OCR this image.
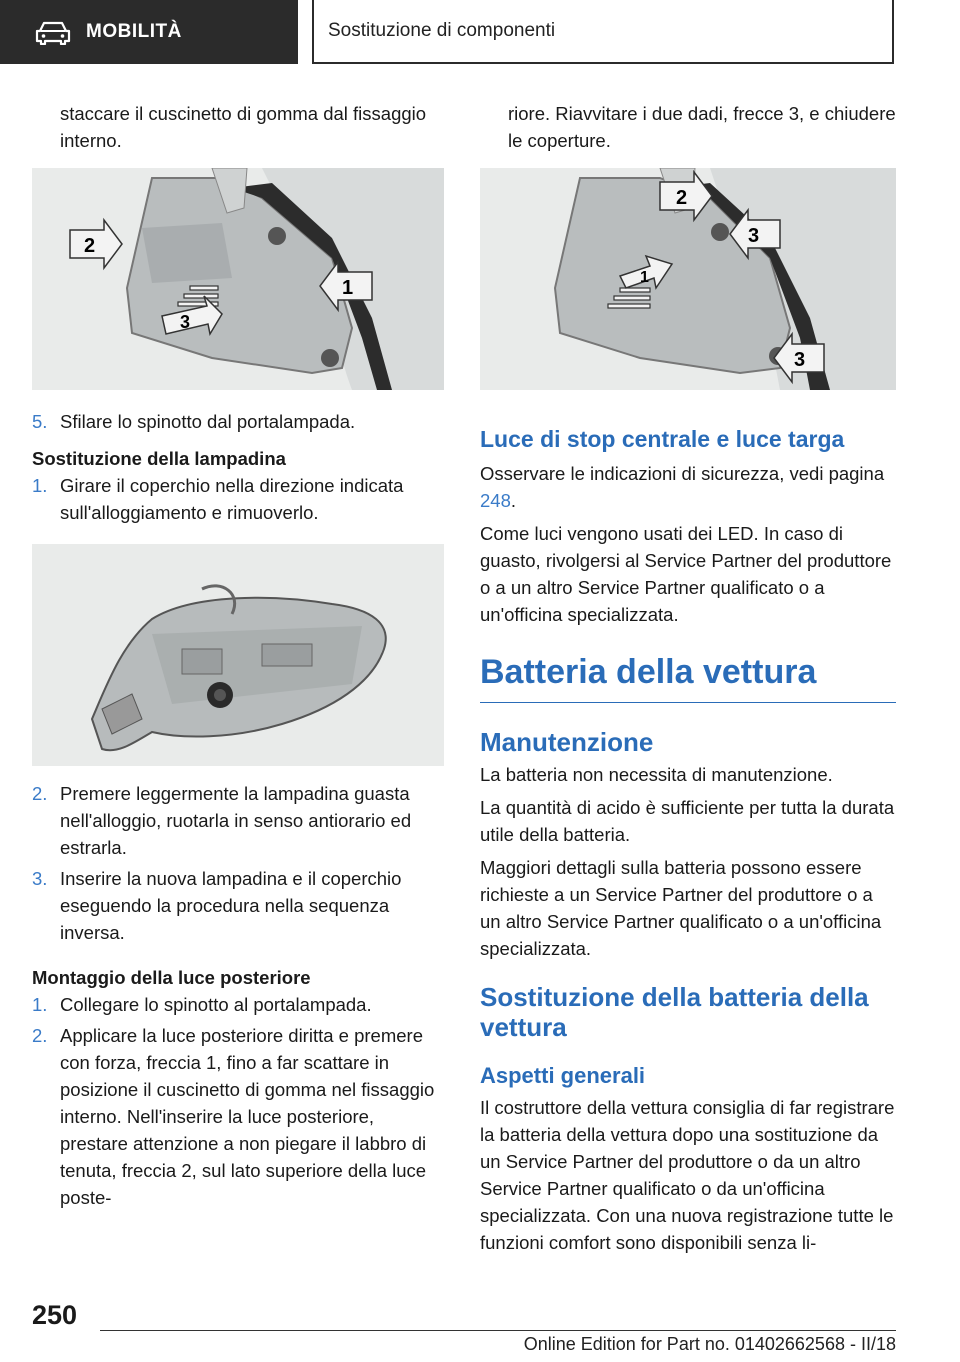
MOBILITÀ	Sostituzione di componenti

staccare il cuscinetto di gomma dal fissaggio interno.

2
1
3
5. Sfilare lo spinotto dal portalampada.

Sostituzione della lampadina

1. Girare il coperchio nella direzione indicata sull'alloggiamento e rimuoverlo.
2. Premere leggermente la lampadina guasta nell'alloggio, ruotarla in senso antiorario ed estrarla.
3. Inserire la nuova lampadina e il coperchio eseguendo la procedura nella sequenza inversa.

Montaggio della luce posteriore

1. Collegare lo spinotto al portalampada.
2. Applicare la luce posteriore diritta e premere con forza, freccia 1, fino a far scattare in posizione il cuscinetto di gomma nel fissaggio interno. Nell'inserire la luce posteriore, prestare attenzione a non piegare il labbro di tenuta, freccia 2, sul lato superiore della luce poste-

riore. Riavvitare i due dadi, frecce 3, e chiudere le coperture.

2
3
1
3
Luce di stop centrale e luce targa

Osservare le indicazioni di sicurezza, vedi pagina 248.

Come luci vengono usati dei LED. In caso di guasto, rivolgersi al Service Partner del produttore o a un altro Service Partner qualificato o a un'officina specializzata.

Batteria della vettura
Manutenzione

La batteria non necessita di manutenzione.

La quantità di acido è sufficiente per tutta la durata utile della batteria.

Maggiori dettagli sulla batteria possono essere richieste a un Service Partner del produttore o a un altro Service Partner qualificato o a un'officina specializzata.

Sostituzione della batteria della vettura
Aspetti generali

Il costruttore della vettura consiglia di far registrare la batteria della vettura dopo una sostituzione da un Service Partner del produttore o da un altro Service Partner qualificato o da un'officina specializzata. Con una nuova registrazione tutte le funzioni comfort sono disponibili senza li-

250
Online Edition for Part no. 01402662568 - II/18
